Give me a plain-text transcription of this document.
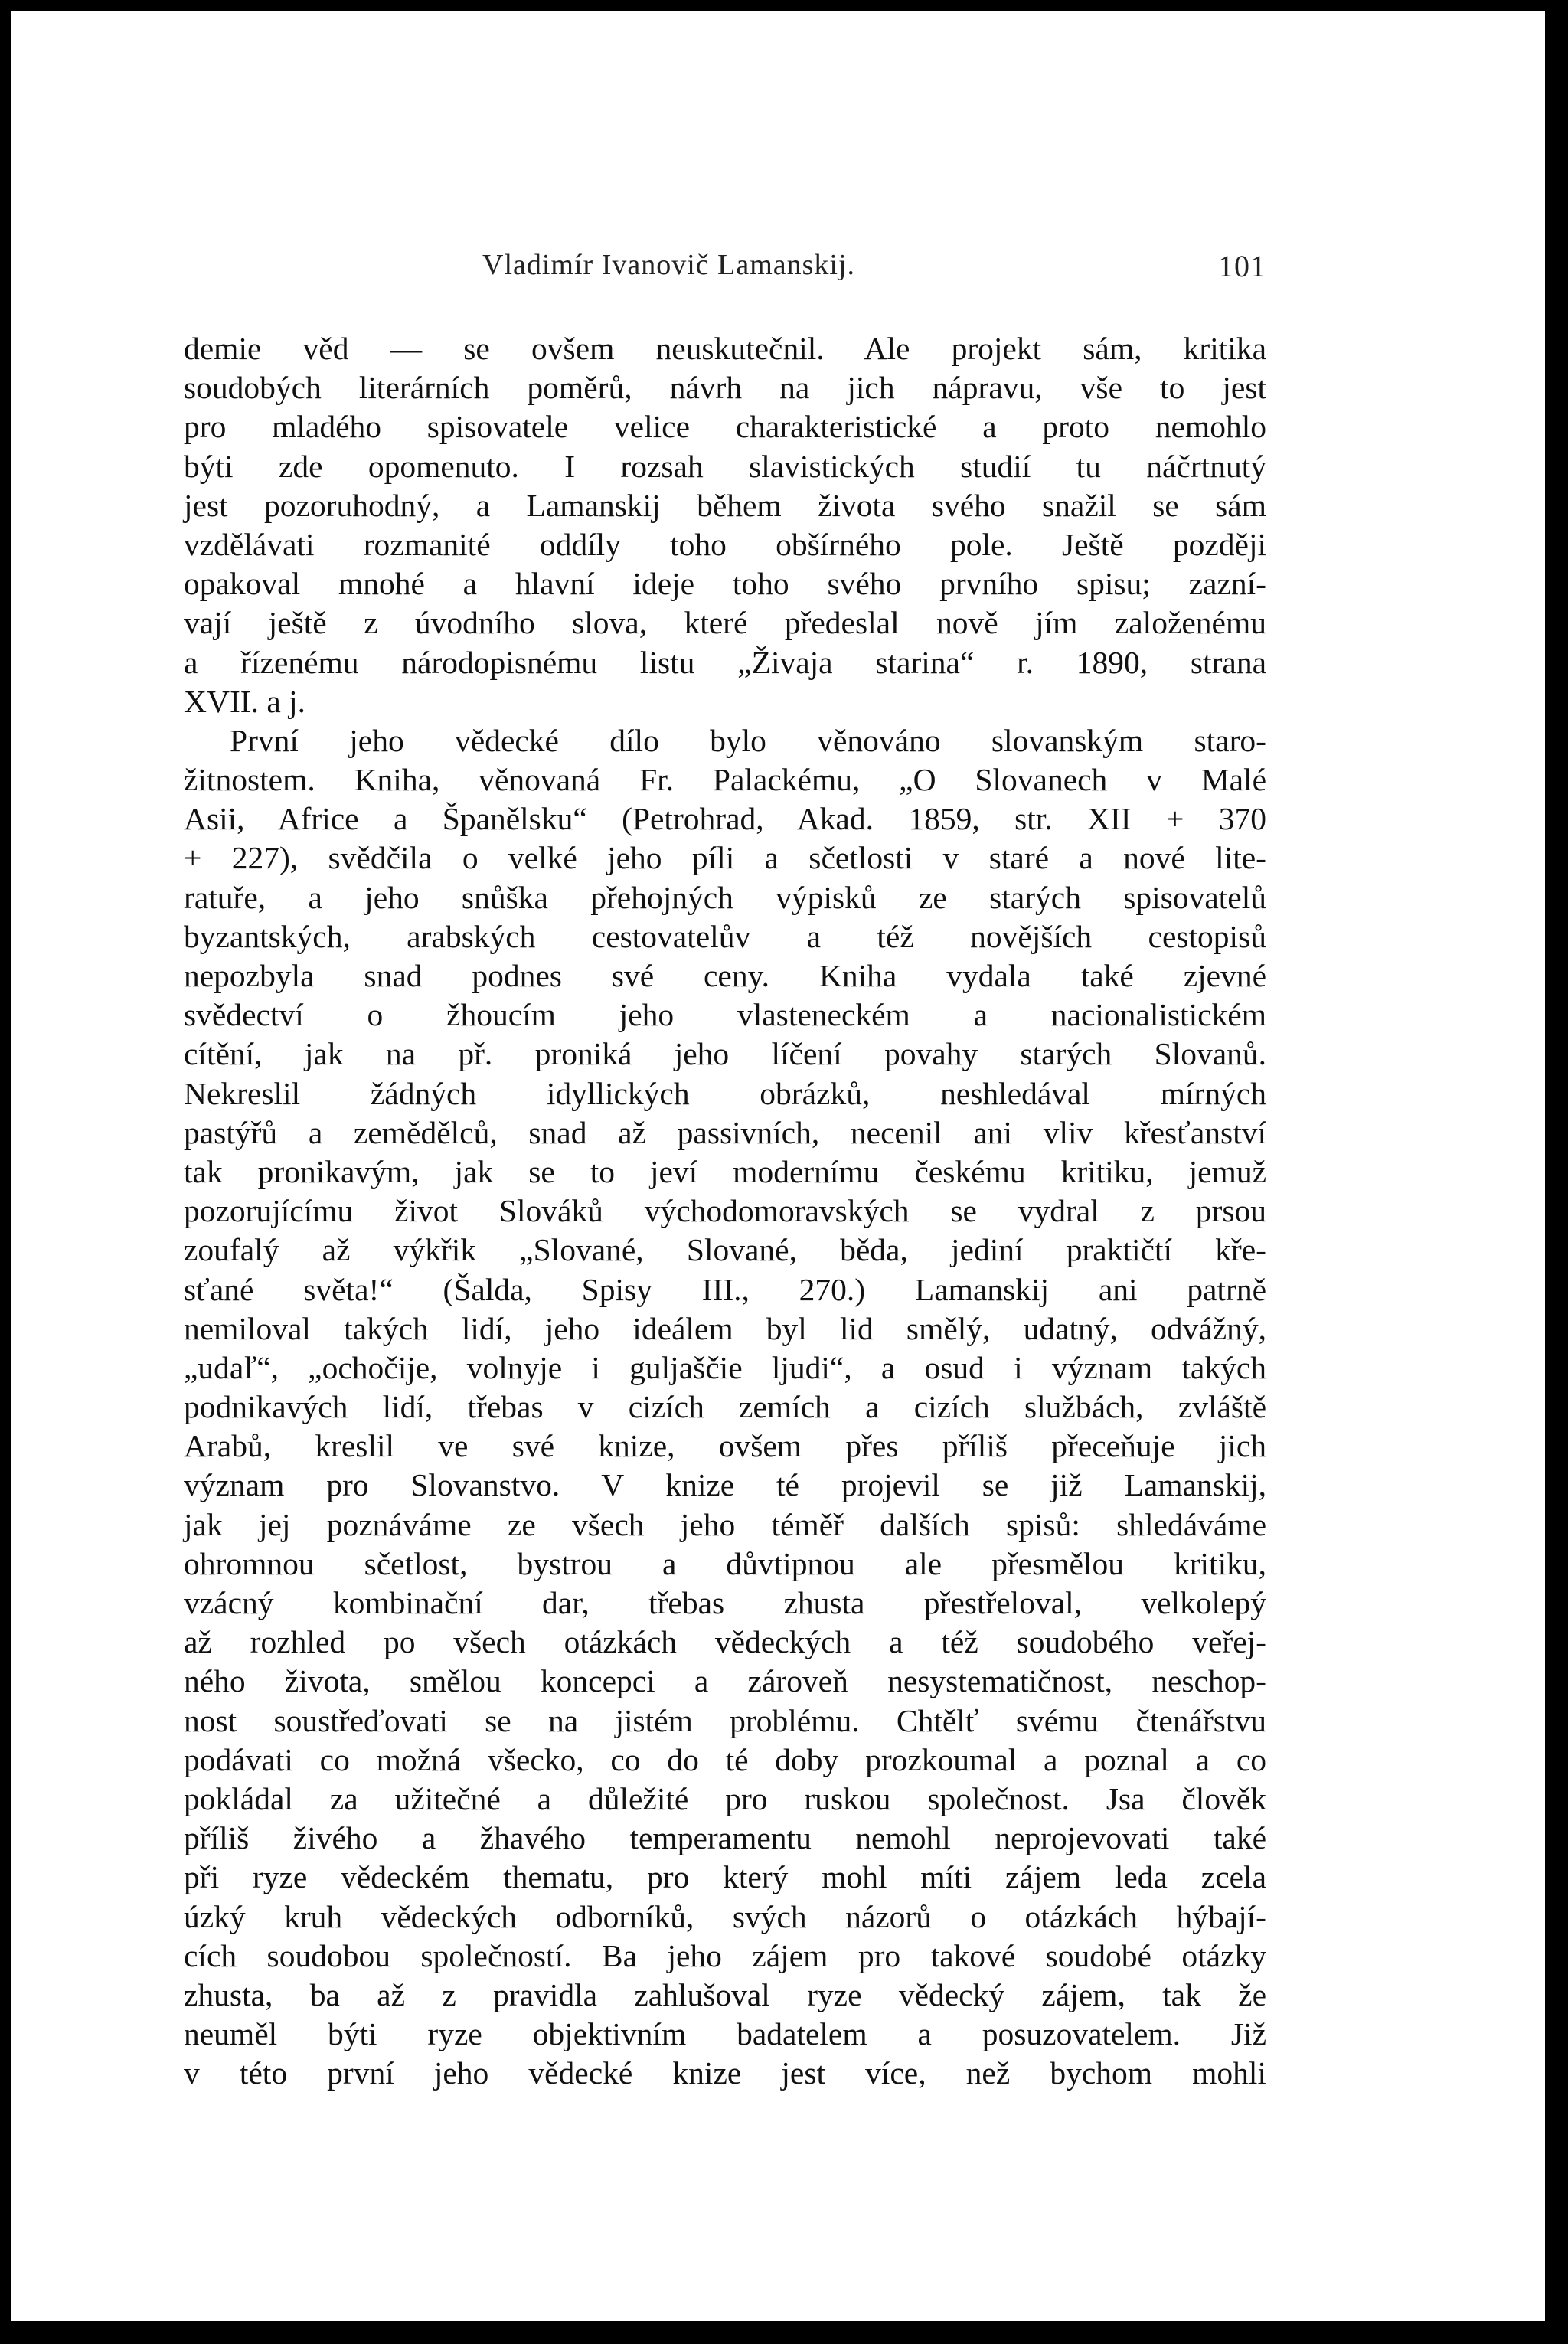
Vladimír Ivanovič Lamanskij.	101
demie věd — se ovšem neuskutečnil. Ale projekt sám, kritika
soudobých literárních poměrů, návrh na jich nápravu, vše to jest
pro mladého spisovatele velice charakteristické a proto nemohlo
býti zde opomenuto. I rozsah slavistických studií tu náčrtnutý
jest pozoruhodný, a Lamanskij během života svého snažil se sám
vzdělávati rozmanité oddíly toho obšírného pole. Ještě později
opakoval mnohé a hlavní ideje toho svého prvního spisu; zazní-
vají ještě z úvodního slova, které předeslal nově jím založenému
a řízenému národopisnému listu „Živaja starina“ r. 1890, strana
XVII. a j.
První jeho vědecké dílo bylo věnováno slovanským staro-
žitnostem. Kniha, věnovaná Fr. Palackému, „O Slovanech v Malé
Asii, Africe a Španělsku“ (Petrohrad, Akad. 1859, str. XII + 370
+ 227), svědčila o velké jeho píli a sčetlosti v staré a nové lite-
ratuře, a jeho snůška přehojných výpisků ze starých spisovatelů
byzantských, arabských cestovatelův a též novějších cestopisů
nepozbyla snad podnes své ceny. Kniha vydala také zjevné
svědectví o žhoucím jeho vlasteneckém a nacionalistickém
cítění, jak na př. proniká jeho líčení povahy starých Slovanů.
Nekreslil žádných idyllických obrázků, neshledával mírných
pastýřů a zemědělců, snad až passivních, necenil ani vliv křesťanství
tak pronikavým, jak se to jeví modernímu českému kritiku, jemuž
pozorujícímu život Slováků východomoravských se vydral z prsou
zoufalý až výkřik „Slované, Slované, běda, jediní praktičtí kře-
sťané světa!“ (Šalda, Spisy III., 270.) Lamanskij ani patrně
nemiloval takých lidí, jeho ideálem byl lid smělý, udatný, odvážný,
„udaľ“, „ochočije, volnyje i guljaščie ljudi“, a osud i význam takých
podnikavých lidí, třebas v cizích zemích a cizích službách, zvláště
Arabů, kreslil ve své knize, ovšem přes příliš přeceňuje jich
význam pro Slovanstvo. V knize té projevil se již Lamanskij,
jak jej poznáváme ze všech jeho téměř dalších spisů: shledáváme
ohromnou sčetlost, bystrou a důvtipnou ale přesmělou kritiku,
vzácný kombinační dar, třebas zhusta přestřeloval, velkolepý
až rozhled po všech otázkách vědeckých a též soudobého veřej-
ného života, smělou koncepci a zároveň nesystematičnost, neschop-
nost soustřeďovati se na jistém problému. Chtělť svému čtenářstvu
podávati co možná všecko, co do té doby prozkoumal a poznal a co
pokládal za užitečné a důležité pro ruskou společnost. Jsa člověk
příliš živého a žhavého temperamentu nemohl neprojevovati také
při ryze vědeckém thematu, pro který mohl míti zájem leda zcela
úzký kruh vědeckých odborníků, svých názorů o otázkách hýbají-
cích soudobou společností. Ba jeho zájem pro takové soudobé otázky
zhusta, ba až z pravidla zahlušoval ryze vědecký zájem, tak že
neuměl býti ryze objektivním badatelem a posuzovatelem. Již
v této první jeho vědecké knize jest více, než bychom mohli
